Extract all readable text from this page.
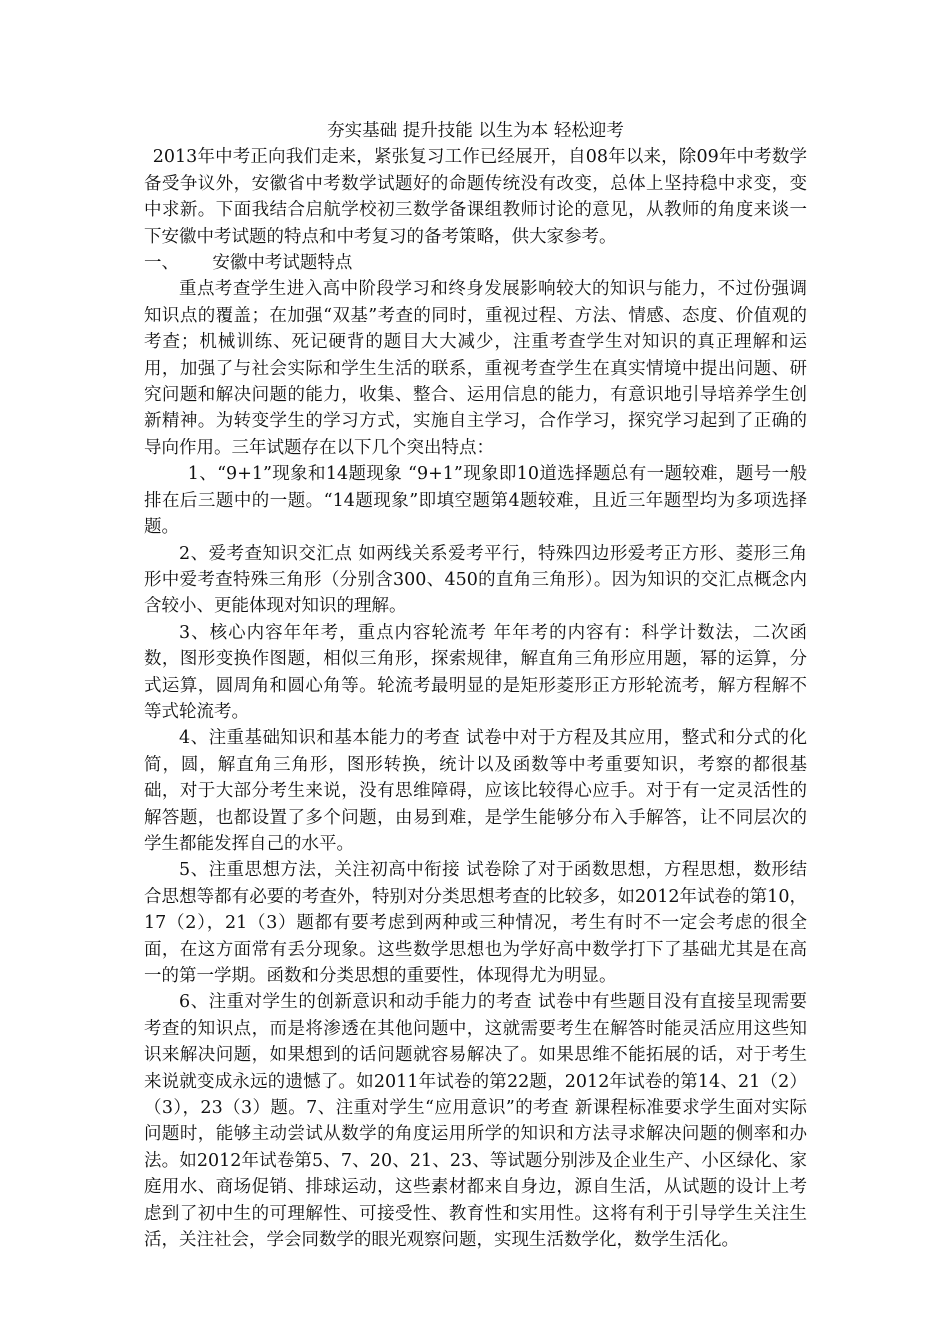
夯实基础 提升技能 以生为本 轻松迎考

2013年中考正向我们走来，紧张复习工作已经展开，自08年以来，除09年中考数学备受争议外，安徽省中考数学试题好的命题传统没有改变，总体上坚持稳中求变，变中求新。下面我结合启航学校初三数学备课组教师讨论的意见，从教师的角度来谈一下安徽中考试题的特点和中考复习的备考策略，供大家参考。

一、      安徽中考试题特点

重点考查学生进入高中阶段学习和终身发展影响较大的知识与能力，不过份强调知识点的覆盖；在加强“双基”考查的同时，重视过程、方法、情感、态度、价值观的考查；机械训练、死记硬背的题目大大减少，注重考查学生对知识的真正理解和运用，加强了与社会实际和学生生活的联系，重视考查学生在真实情境中提出问题、研究问题和解决问题的能力，收集、整合、运用信息的能力，有意识地引导培养学生创新精神。为转变学生的学习方式，实施自主学习，合作学习，探究学习起到了正确的导向作用。三年试题存在以下几个突出特点：

1、“9+1”现象和14题现象 “9+1”现象即10道选择题总有一题较难，题号一般排在后三题中的一题。“14题现象”即填空题第4题较难，且近三年题型均为多项选择题。

2、爱考查知识交汇点 如两线关系爱考平行，特殊四边形爱考正方形、菱形三角形中爱考查特殊三角形（分别含300、450的直角三角形）。因为知识的交汇点概念内含较小、更能体现对知识的理解。

3、核心内容年年考，重点内容轮流考 年年考的内容有：科学计数法，二次函数，图形变换作图题，相似三角形，探索规律，解直角三角形应用题，幂的运算，分式运算，圆周角和圆心角等。轮流考最明显的是矩形菱形正方形轮流考，解方程解不等式轮流考。

4、注重基础知识和基本能力的考查 试卷中对于方程及其应用，整式和分式的化简，圆，解直角三角形，图形转换，统计以及函数等中考重要知识，考察的都很基础，对于大部分考生来说，没有思维障碍，应该比较得心应手。对于有一定灵活性的解答题，也都设置了多个问题，由易到难，是学生能够分布入手解答，让不同层次的学生都能发挥自己的水平。

5、注重思想方法，关注初高中衔接 试卷除了对于函数思想，方程思想，数形结合思想等都有必要的考查外，特别对分类思想考查的比较多，如2012年试卷的第10，17（2），21（3）题都有要考虑到两种或三种情况，考生有时不一定会考虑的很全面，在这方面常有丢分现象。这些数学思想也为学好高中数学打下了基础尤其是在高一的第一学期。函数和分类思想的重要性，体现得尤为明显。

6、注重对学生的创新意识和动手能力的考查 试卷中有些题目没有直接呈现需要考查的知识点，而是将渗透在其他问题中，这就需要考生在解答时能灵活应用这些知识来解决问题，如果想到的话问题就容易解决了。如果思维不能拓展的话，对于考生来说就变成永远的遗憾了。如2011年试卷的第22题，2012年试卷的第14、21（2）（3），23（3）题。7、注重对学生“应用意识”的考查 新课程标准要求学生面对实际问题时，能够主动尝试从数学的角度运用所学的知识和方法寻求解决问题的侧率和办法。如2012年试卷第5、7、20、21、23、等试题分别涉及企业生产、小区绿化、家庭用水、商场促销、排球运动，这些素材都来自身边，源自生活，从试题的设计上考虑到了初中生的可理解性、可接受性、教育性和实用性。这将有利于引导学生关注生活，关注社会，学会同数学的眼光观察问题，实现生活数学化，数学生活化。
